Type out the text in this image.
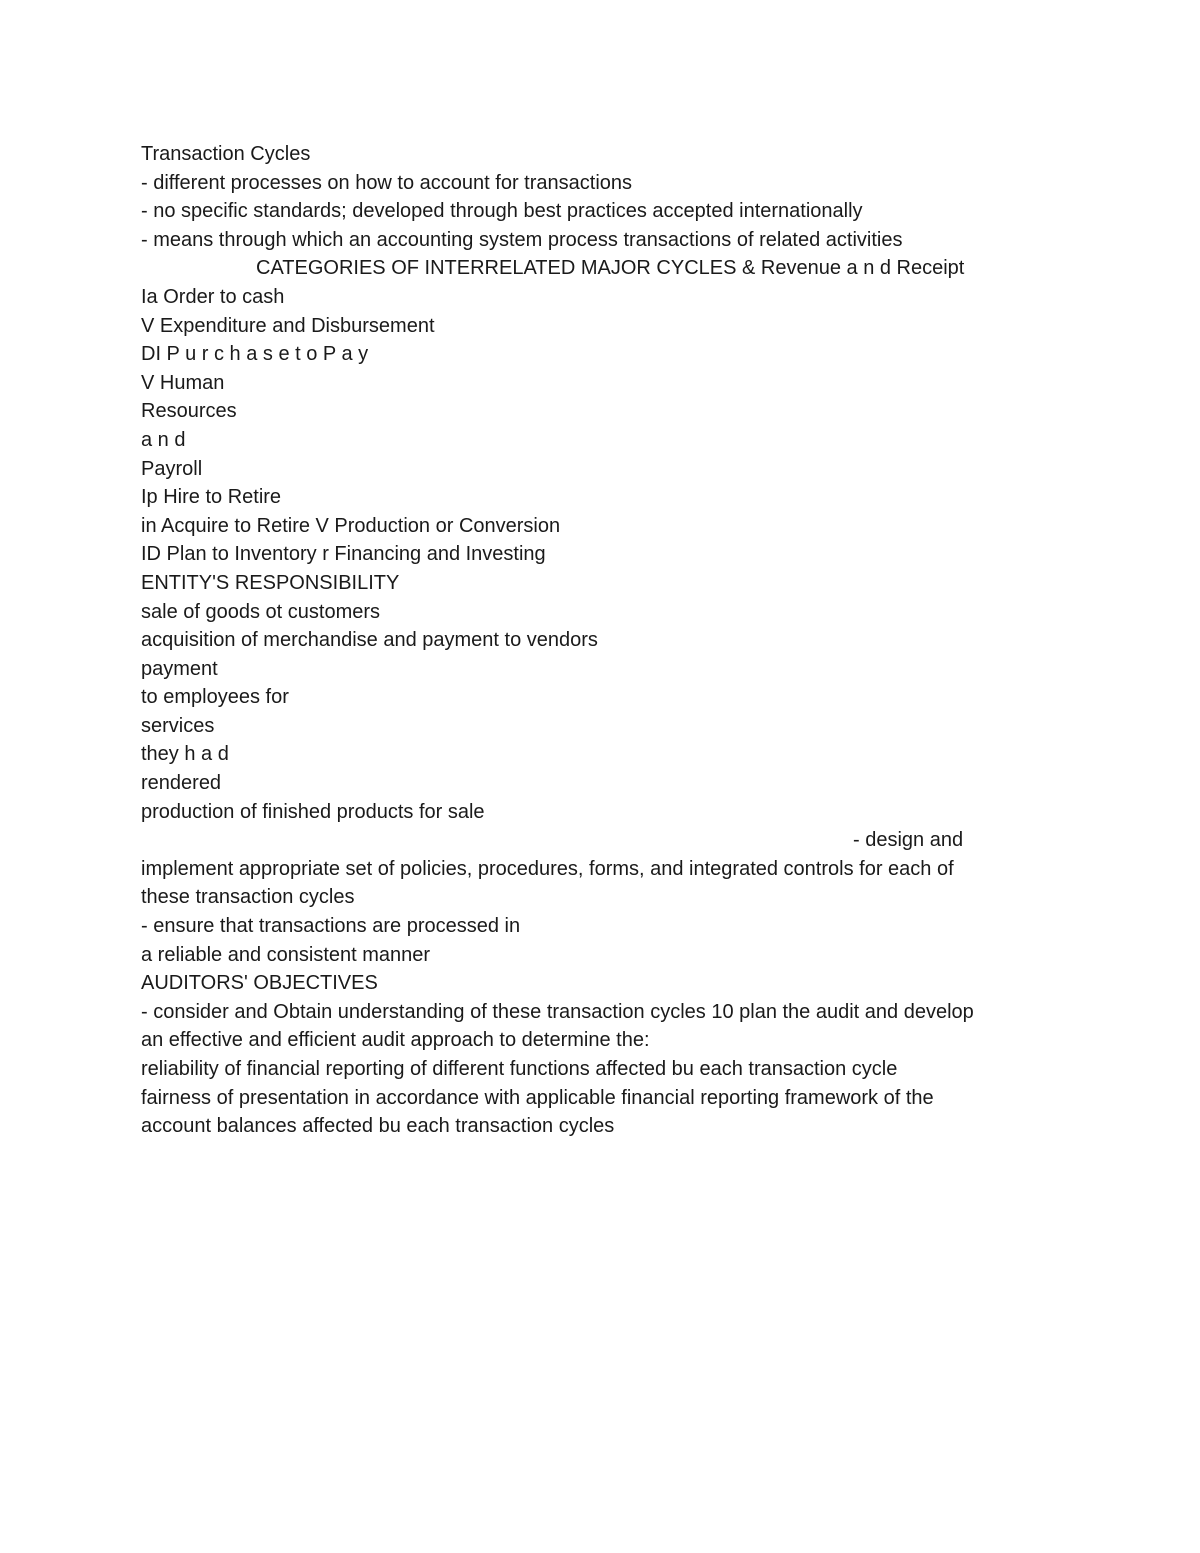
Transaction Cycles
- different processes on how to account for transactions
- no specific standards; developed through best practices accepted internationally
- means through which an accounting system process transactions of related activities
CATEGORIES OF INTERRELATED MAJOR CYCLES & Revenue a n d Receipt
Ia Order to cash
V Expenditure and Disbursement
DI P u r c h a s e t o P a y
V Human
Resources
a n d
Payroll
Ip Hire to Retire
in Acquire to Retire V Production or Conversion
ID Plan to Inventory r Financing and Investing
ENTITY'S RESPONSIBILITY
sale of goods ot customers
acquisition of merchandise and payment to vendors
payment
to employees for
services
they h a d
rendered
production of finished products for sale
- design and
implement appropriate set of policies, procedures, forms, and integrated controls for each of
these transaction cycles
- ensure that transactions are processed in
a reliable and consistent manner
AUDITORS' OBJECTIVES
- consider and Obtain understanding of these transaction cycles 10 plan the audit and develop
an effective and efficient audit approach to determine the:
reliability of financial reporting of different functions affected bu each transaction cycle
fairness of presentation in accordance with applicable financial reporting framework of the
account balances affected bu each transaction cycles
